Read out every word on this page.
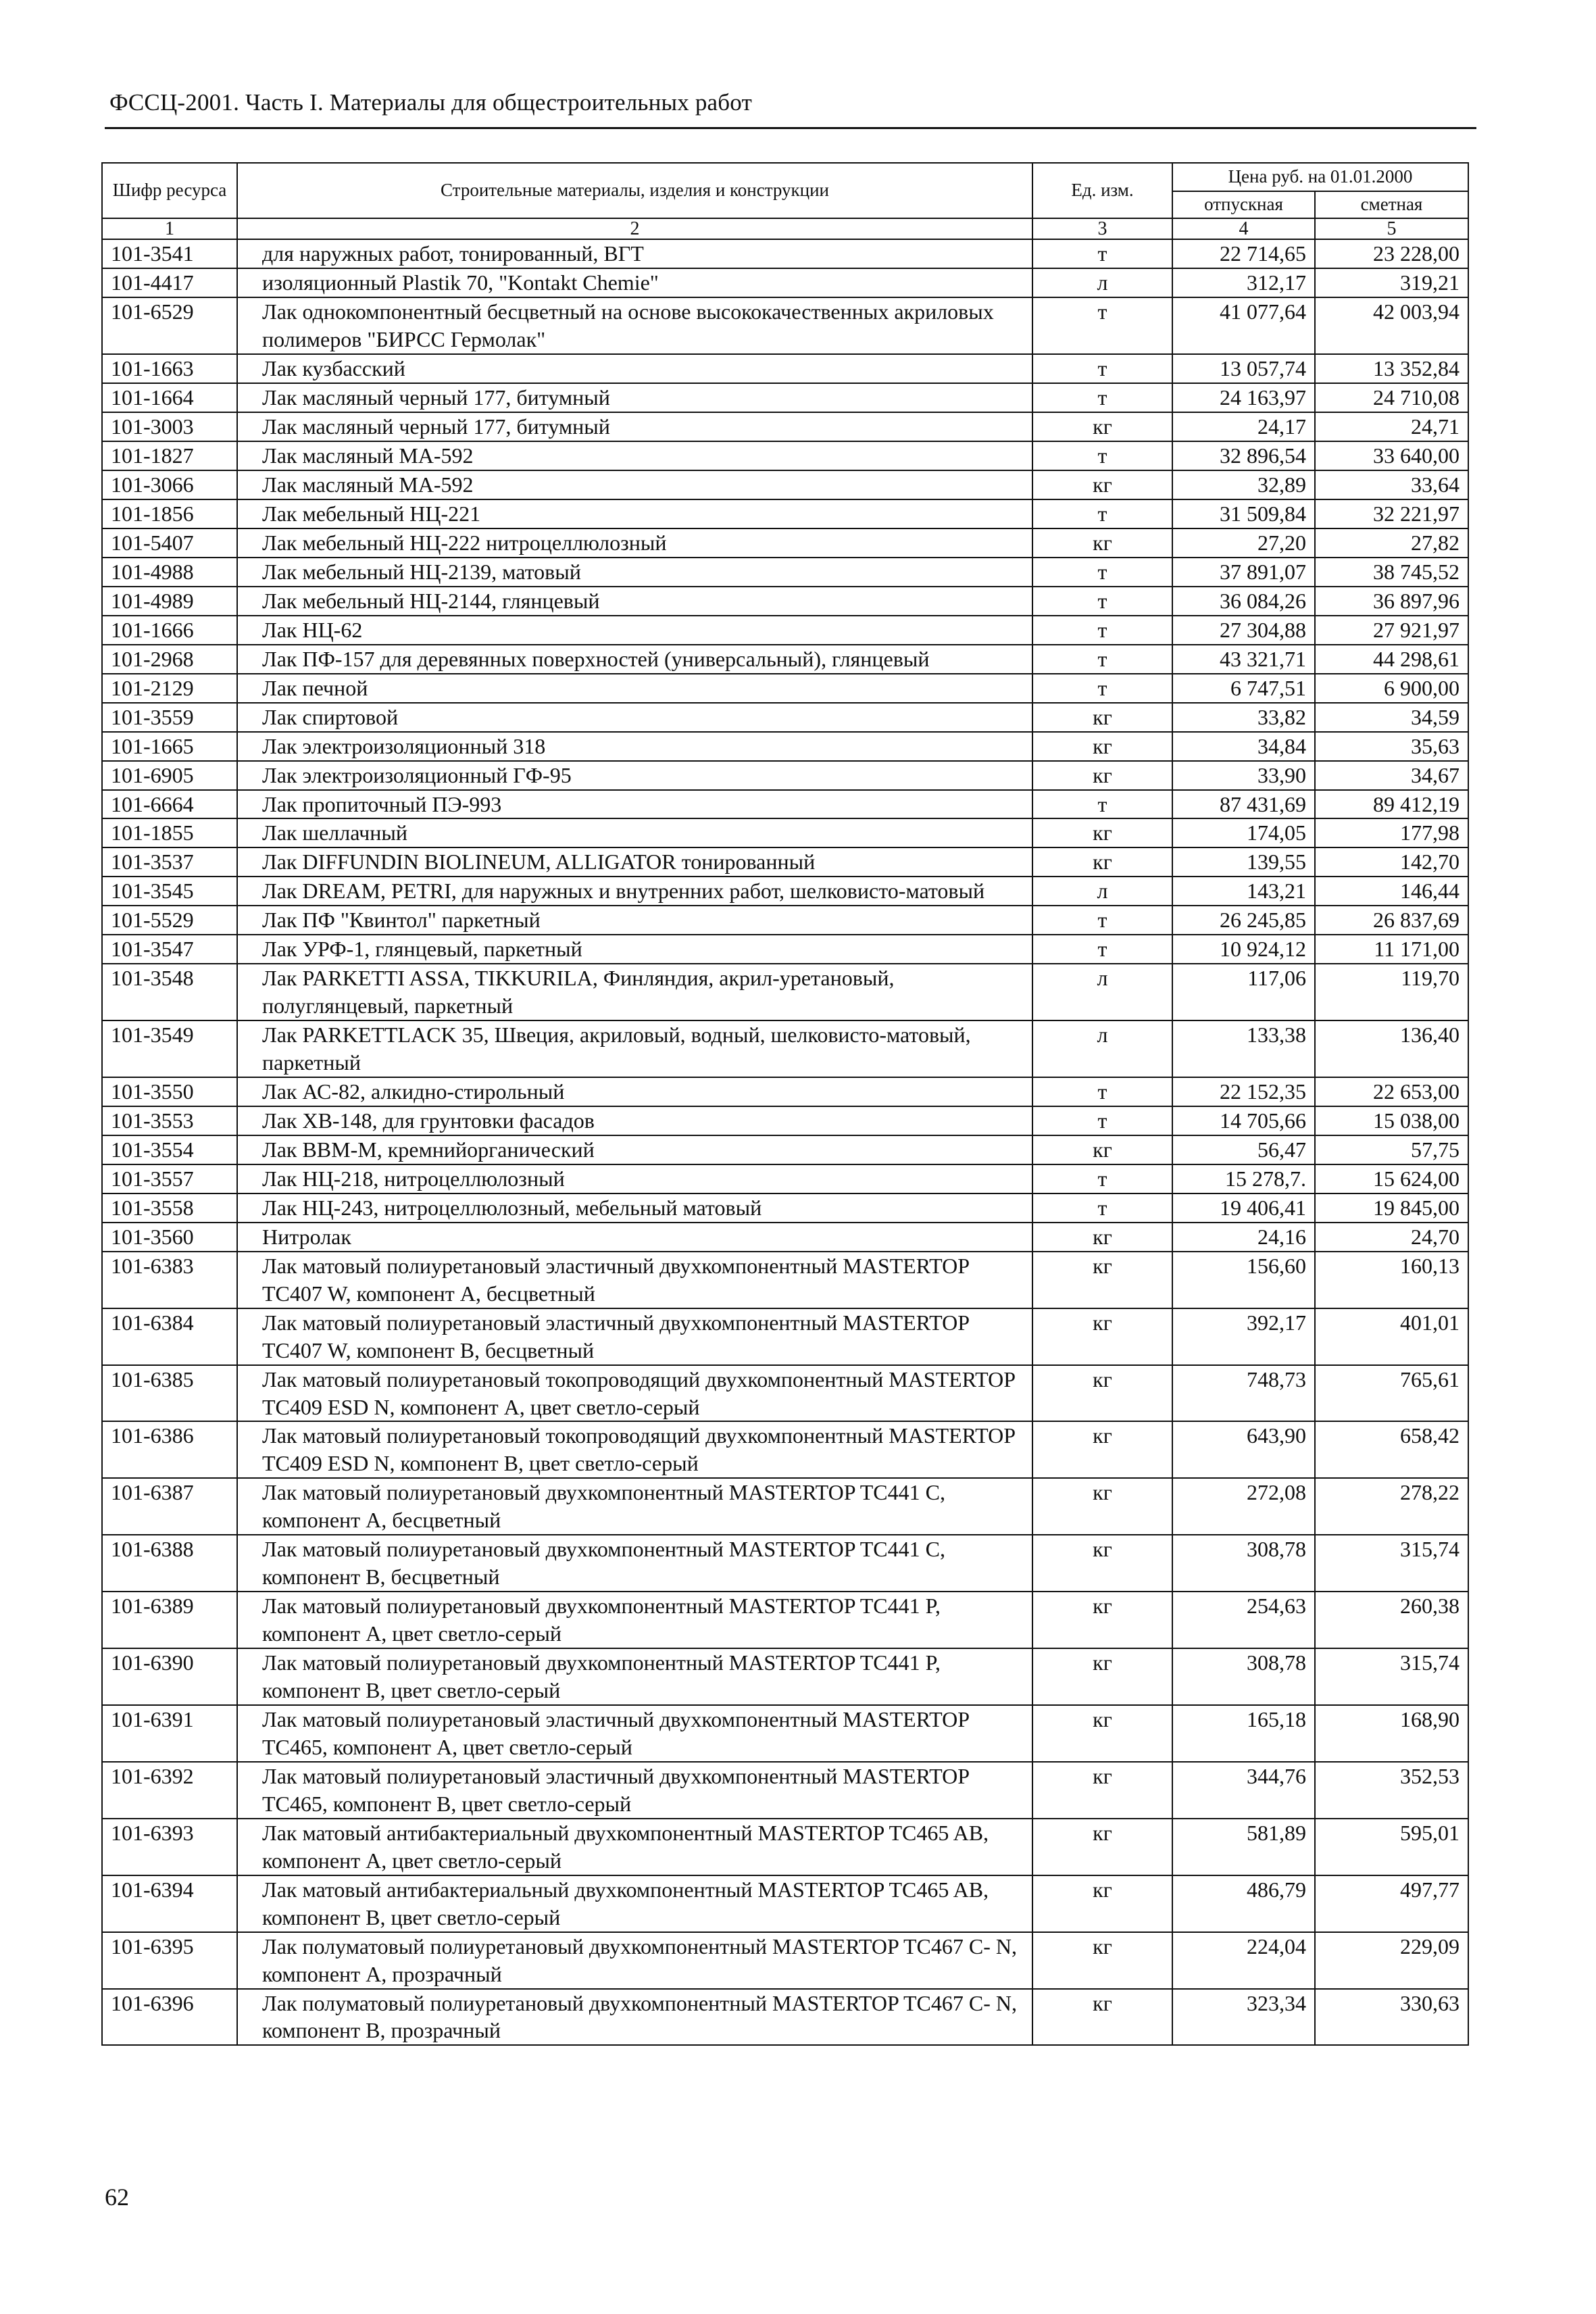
ФССЦ-2001. Часть I. Материалы для общестроительных работ
Шифр ресурса	Строительные материалы, изделия и конструкции	Ед. изм.	Цена руб. на 01.01.2000	
			отпускная	сметная
1	2	3	4	5
101-3541	для наружных работ, тонированный, ВГТ	т	22 714,65	23 228,00
101-4417	изоляционный Plastik 70, "Kontakt Chemie"	л	312,17	319,21
101-6529	Лак однокомпонентный бесцветный на основе высококачественных акриловых полимеров "БИРСС Гермолак"	т	41 077,64	42 003,94
101-1663	Лак кузбасский	т	13 057,74	13 352,84
101-1664	Лак масляный черный 177, битумный	т	24 163,97	24 710,08
101-3003	Лак масляный черный 177, битумный	кг	24,17	24,71
101-1827	Лак масляный МА-592	т	32 896,54	33 640,00
101-3066	Лак масляный МА-592	кг	32,89	33,64
101-1856	Лак мебельный НЦ-221	т	31 509,84	32 221,97
101-5407	Лак мебельный НЦ-222 нитроцеллюлозный	кг	27,20	27,82
101-4988	Лак мебельный НЦ-2139, матовый	т	37 891,07	38 745,52
101-4989	Лак мебельный НЦ-2144, глянцевый	т	36 084,26	36 897,96
101-1666	Лак НЦ-62	т	27 304,88	27 921,97
101-2968	Лак ПФ-157 для деревянных поверхностей (универсальный), глянцевый	т	43 321,71	44 298,61
101-2129	Лак печной	т	6 747,51	6 900,00
101-3559	Лак спиртовой	кг	33,82	34,59
101-1665	Лак электроизоляционный 318	кг	34,84	35,63
101-6905	Лак электроизоляционный ГФ-95	кг	33,90	34,67
101-6664	Лак пропиточный ПЭ-993	т	87 431,69	89 412,19
101-1855	Лак шеллачный	кг	174,05	177,98
101-3537	Лак DIFFUNDIN BIOLINEUM, ALLIGATOR тонированный	кг	139,55	142,70
101-3545	Лак DREAM, PETRI, для наружных и внутренних работ, шелковисто-матовый	л	143,21	146,44
101-5529	Лак ПФ "Квинтол" паркетный	т	26 245,85	26 837,69
101-3547	Лак УРФ-1, глянцевый, паркетный	т	10 924,12	11 171,00
101-3548	Лак PARKETTI ASSA, TIKKURILA, Финляндия, акрил-уретановый, полуглянцевый, паркетный	л	117,06	119,70
101-3549	Лак PARKETTLACK 35, Швеция, акриловый, водный, шелковисто-матовый, паркетный	л	133,38	136,40
101-3550	Лак АС-82, алкидно-стирольный	т	22 152,35	22 653,00
101-3553	Лак ХВ-148, для грунтовки фасадов	т	14 705,66	15 038,00
101-3554	Лак ВВМ-М, кремнийорганический	кг	56,47	57,75
101-3557	Лак НЦ-218, нитроцеллюлозный	т	15 278,7.	15 624,00
101-3558	Лак НЦ-243, нитроцеллюлозный, мебельный матовый	т	19 406,41	19 845,00
101-3560	Нитролак	кг	24,16	24,70
101-6383	Лак матовый полиуретановый эластичный двухкомпонентный MASTERTOP TC407 W, компонент А, бесцветный	кг	156,60	160,13
101-6384	Лак матовый полиуретановый эластичный двухкомпонентный MASTERTOP TC407 W, компонент В, бесцветный	кг	392,17	401,01
101-6385	Лак матовый полиуретановый токопроводящий двухкомпонентный MASTERTOP TC409 ESD N, компонент А, цвет светло-серый	кг	748,73	765,61
101-6386	Лак матовый полиуретановый токопроводящий двухкомпонентный MASTERTOP TC409 ESD N, компонент В, цвет светло-серый	кг	643,90	658,42
101-6387	Лак матовый полиуретановый двухкомпонентный MASTERTOP TC441 C, компонент А, бесцветный	кг	272,08	278,22
101-6388	Лак матовый полиуретановый двухкомпонентный MASTERTOP TC441 C, компонент В, бесцветный	кг	308,78	315,74
101-6389	Лак матовый полиуретановый двухкомпонентный MASTERTOP TC441 P, компонент А, цвет светло-серый	кг	254,63	260,38
101-6390	Лак матовый полиуретановый двухкомпонентный MASTERTOP TC441 P, компонент В, цвет светло-серый	кг	308,78	315,74
101-6391	Лак матовый полиуретановый эластичный двухкомпонентный MASTERTOP TC465, компонент А, цвет светло-серый	кг	165,18	168,90
101-6392	Лак матовый полиуретановый эластичный двухкомпонентный MASTERTOP TC465, компонент В, цвет светло-серый	кг	344,76	352,53
101-6393	Лак матовый антибактериальный двухкомпонентный MASTERTOP TC465 AB, компонент А, цвет светло-серый	кг	581,89	595,01
101-6394	Лак матовый антибактериальный двухкомпонентный MASTERTOP TC465 AB, компонент В, цвет светло-серый	кг	486,79	497,77
101-6395	Лак полуматовый полиуретановый двухкомпонентный MASTERTOP TC467 C- N, компонент А, прозрачный	кг	224,04	229,09
101-6396	Лак полуматовый полиуретановый двухкомпонентный MASTERTOP TC467 C- N, компонент В, прозрачный	кг	323,34	330,63
62
